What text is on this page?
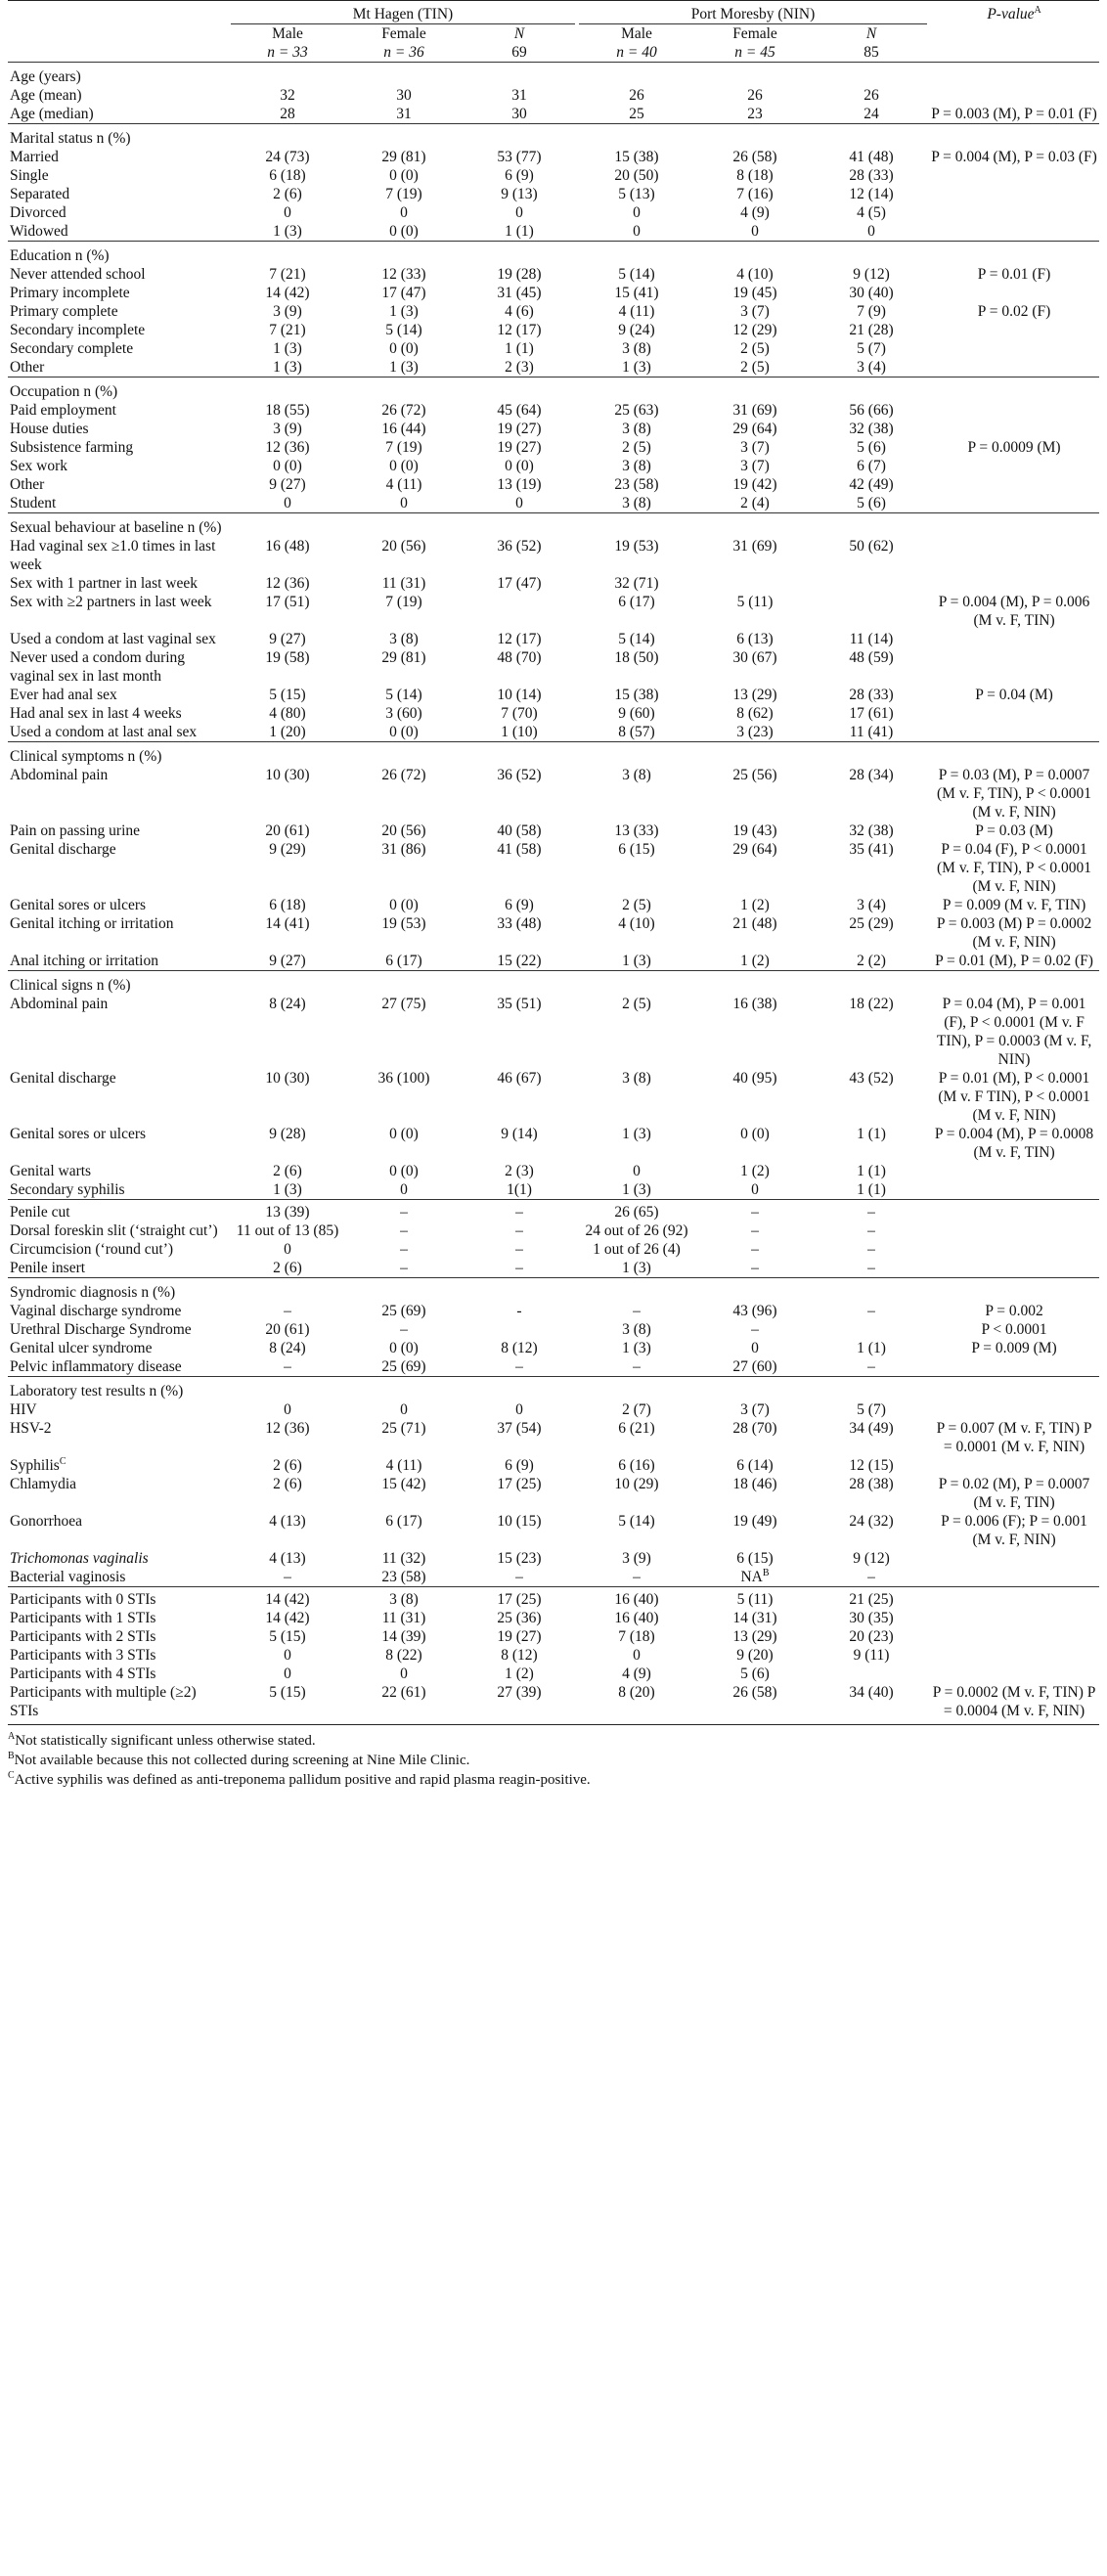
	Mt Hagen (TIN)			Port Moresby (NIN)			P-value$^A$
	Male	Female	N	Male	Female	N	
	n = 33	n = 36	69	n = 40	n = 45	85	

Age (years)							
Age (mean)	32	30	31	26	26	26	
Age (median)	28	31	30	25	23	24	P = 0.003 (M), P = 0.01 (F)

Marital status n (%)							
Married	24 (73)	29 (81)	53 (77)	15 (38)	26 (58)	41 (48)	P = 0.004 (M), P = 0.03 (F)
Single	6 (18)	0 (0)	6 (9)	20 (50)	8 (18)	28 (33)	
Separated	2 (6)	7 (19)	9 (13)	5 (13)	7 (16)	12 (14)	
Divorced	0	0	0	0	4 (9)	4 (5)	
Widowed	1 (3)	0 (0)	1 (1)	0	0	0	

Education n (%)							
Never attended school	7 (21)	12 (33)	19 (28)	5 (14)	4 (10)	9 (12)	P = 0.01 (F)
Primary incomplete	14 (42)	17 (47)	31 (45)	15 (41)	19 (45)	30 (40)	
Primary complete	3 (9)	1 (3)	4 (6)	4 (11)	3 (7)	7 (9)	P = 0.02 (F)
Secondary incomplete	7 (21)	5 (14)	12 (17)	9 (24)	12 (29)	21 (28)	
Secondary complete	1 (3)	0 (0)	1 (1)	3 (8)	2 (5)	5 (7)	
Other	1 (3)	1 (3)	2 (3)	1 (3)	2 (5)	3 (4)	

Occupation n (%)							
Paid employment	18 (55)	26 (72)	45 (64)	25 (63)	31 (69)	56 (66)	
House duties	3 (9)	16 (44)	19 (27)	3 (8)	29 (64)	32 (38)	
Subsistence farming	12 (36)	7 (19)	19 (27)	2 (5)	3 (7)	5 (6)	P = 0.0009 (M)
Sex work	0 (0)	0 (0)	0 (0)	3 (8)	3 (7)	6 (7)	
Other	9 (27)	4 (11)	13 (19)	23 (58)	19 (42)	42 (49)	
Student	0	0	0	3 (8)	2 (4)	5 (6)	

Sexual behaviour at baseline n (%)							
Had vaginal sex ≥1.0 times in last week	16 (48)	20 (56)	36 (52)	19 (53)	31 (69)	50 (62)	
Sex with 1 partner in last week	12 (36)	11 (31)	17 (47)	32 (71)			
Sex with ≥2 partners in last week	17 (51)	7 (19)		6 (17)	5 (11)		P = 0.004 (M), P = 0.006 (M v. F, TIN)
Used a condom at last vaginal sex	9 (27)	3 (8)	12 (17)	5 (14)	6 (13)	11 (14)	
Never used a condom during vaginal sex in last month	19 (58)	29 (81)	48 (70)	18 (50)	30 (67)	48 (59)	
Ever had anal sex	5 (15)	5 (14)	10 (14)	15 (38)	13 (29)	28 (33)	P = 0.04 (M)
Had anal sex in last 4 weeks	4 (80)	3 (60)	7 (70)	9 (60)	8 (62)	17 (61)	
Used a condom at last anal sex	1 (20)	0 (0)	1 (10)	8 (57)	3 (23)	11 (41)	

Clinical symptoms n (%)							
Abdominal pain	10 (30)	26 (72)	36 (52)	3 (8)	25 (56)	28 (34)	P = 0.03 (M), P = 0.0007 (M v. F, TIN), P < 0.0001 (M v. F, NIN)
Pain on passing urine	20 (61)	20 (56)	40 (58)	13 (33)	19 (43)	32 (38)	P = 0.03 (M)
Genital discharge	9 (29)	31 (86)	41 (58)	6 (15)	29 (64)	35 (41)	P = 0.04 (F), P < 0.0001 (M v. F, TIN), P < 0.0001 (M v. F, NIN)
Genital sores or ulcers	6 (18)	0 (0)	6 (9)	2 (5)	1 (2)	3 (4)	P = 0.009 (M v. F, TIN)
Genital itching or irritation	14 (41)	19 (53)	33 (48)	4 (10)	21 (48)	25 (29)	P = 0.003 (M) P = 0.0002 (M v. F, NIN)
Anal itching or irritation	9 (27)	6 (17)	15 (22)	1 (3)	1 (2)	2 (2)	P = 0.01 (M), P = 0.02 (F)

Clinical signs n (%)							
Abdominal pain	8 (24)	27 (75)	35 (51)	2 (5)	16 (38)	18 (22)	P = 0.04 (M), P = 0.001 (F), P < 0.0001 (M v. F TIN), P = 0.0003 (M v. F, NIN)
Genital discharge	10 (30)	36 (100)	46 (67)	3 (8)	40 (95)	43 (52)	P = 0.01 (M), P < 0.0001 (M v. F TIN), P < 0.0001 (M v. F, NIN)
Genital sores or ulcers	9 (28)	0 (0)	9 (14)	1 (3)	0 (0)	1 (1)	P = 0.004 (M), P = 0.0008 (M v. F, TIN)
Genital warts	2 (6)	0 (0)	2 (3)	0	1 (2)	1 (1)	
Secondary syphilis	1 (3)	0	1(1)	1 (3)	0	1 (1)	

Penile cut	13 (39)	–	–	26 (65)	–	–	
Dorsal foreskin slit (‘straight cut’)	11 out of 13 (85)	–	–	24 out of 26 (92)	–	–	
Circumcision (‘round cut’)	0	–	–	1 out of 26 (4)	–	–	
Penile insert	2 (6)	–	–	1 (3)	–	–	

Syndromic diagnosis n (%)							
Vaginal discharge syndrome	–	25 (69)	-	–	43 (96)	–	P = 0.002
Urethral Discharge Syndrome	20 (61)	–		3 (8)	–		P < 0.0001
Genital ulcer syndrome	8 (24)	0 (0)	8 (12)	1 (3)	0	1 (1)	P = 0.009 (M)
Pelvic inflammatory disease	–	25 (69)	–	–	27 (60)	–	

Laboratory test results n (%)							
HIV	0	0	0	2 (7)	3 (7)	5 (7)	
HSV-2	12 (36)	25 (71)	37 (54)	6 (21)	28 (70)	34 (49)	P = 0.007 (M v. F, TIN) P = 0.0001 (M v. F, NIN)
Syphilis$^C$	2 (6)	4 (11)	6 (9)	6 (16)	6 (14)	12 (15)	
Chlamydia	2 (6)	15 (42)	17 (25)	10 (29)	18 (46)	28 (38)	P = 0.02 (M), P = 0.0007 (M v. F, TIN)
Gonorrhoea	4 (13)	6 (17)	10 (15)	5 (14)	19 (49)	24 (32)	P = 0.006 (F); P = 0.001 (M v. F, NIN)
Trichomonas vaginalis	4 (13)	11 (32)	15 (23)	3 (9)	6 (15)	9 (12)	
Bacterial vaginosis	–	23 (58)	–	–	$NA^B$	–	

Participants with 0 STIs	14 (42)	3 (8)	17 (25)	16 (40)	5 (11)	21 (25)	
Participants with 1 STIs	14 (42)	11 (31)	25 (36)	16 (40)	14 (31)	30 (35)	
Participants with 2 STIs	5 (15)	14 (39)	19 (27)	7 (18)	13 (29)	20 (23)	
Participants with 3 STIs	0	8 (22)	8 (12)	0	9 (20)	9 (11)	
Participants with 4 STIs	0	0	1 (2)	4 (9)	5 (6)		
Participants with multiple (≥2) STIs	5 (15)	22 (61)	27 (39)	8 (20)	26 (58)	34 (40)	P = 0.0002 (M v. F, TIN) P = 0.0004 (M v. F, NIN)

$^A$Not statistically significant unless otherwise stated.
$^B$Not available because this not collected during screening at Nine Mile Clinic.
$^C$Active syphilis was defined as anti-treponema pallidum positive and rapid plasma reagin-positive.
